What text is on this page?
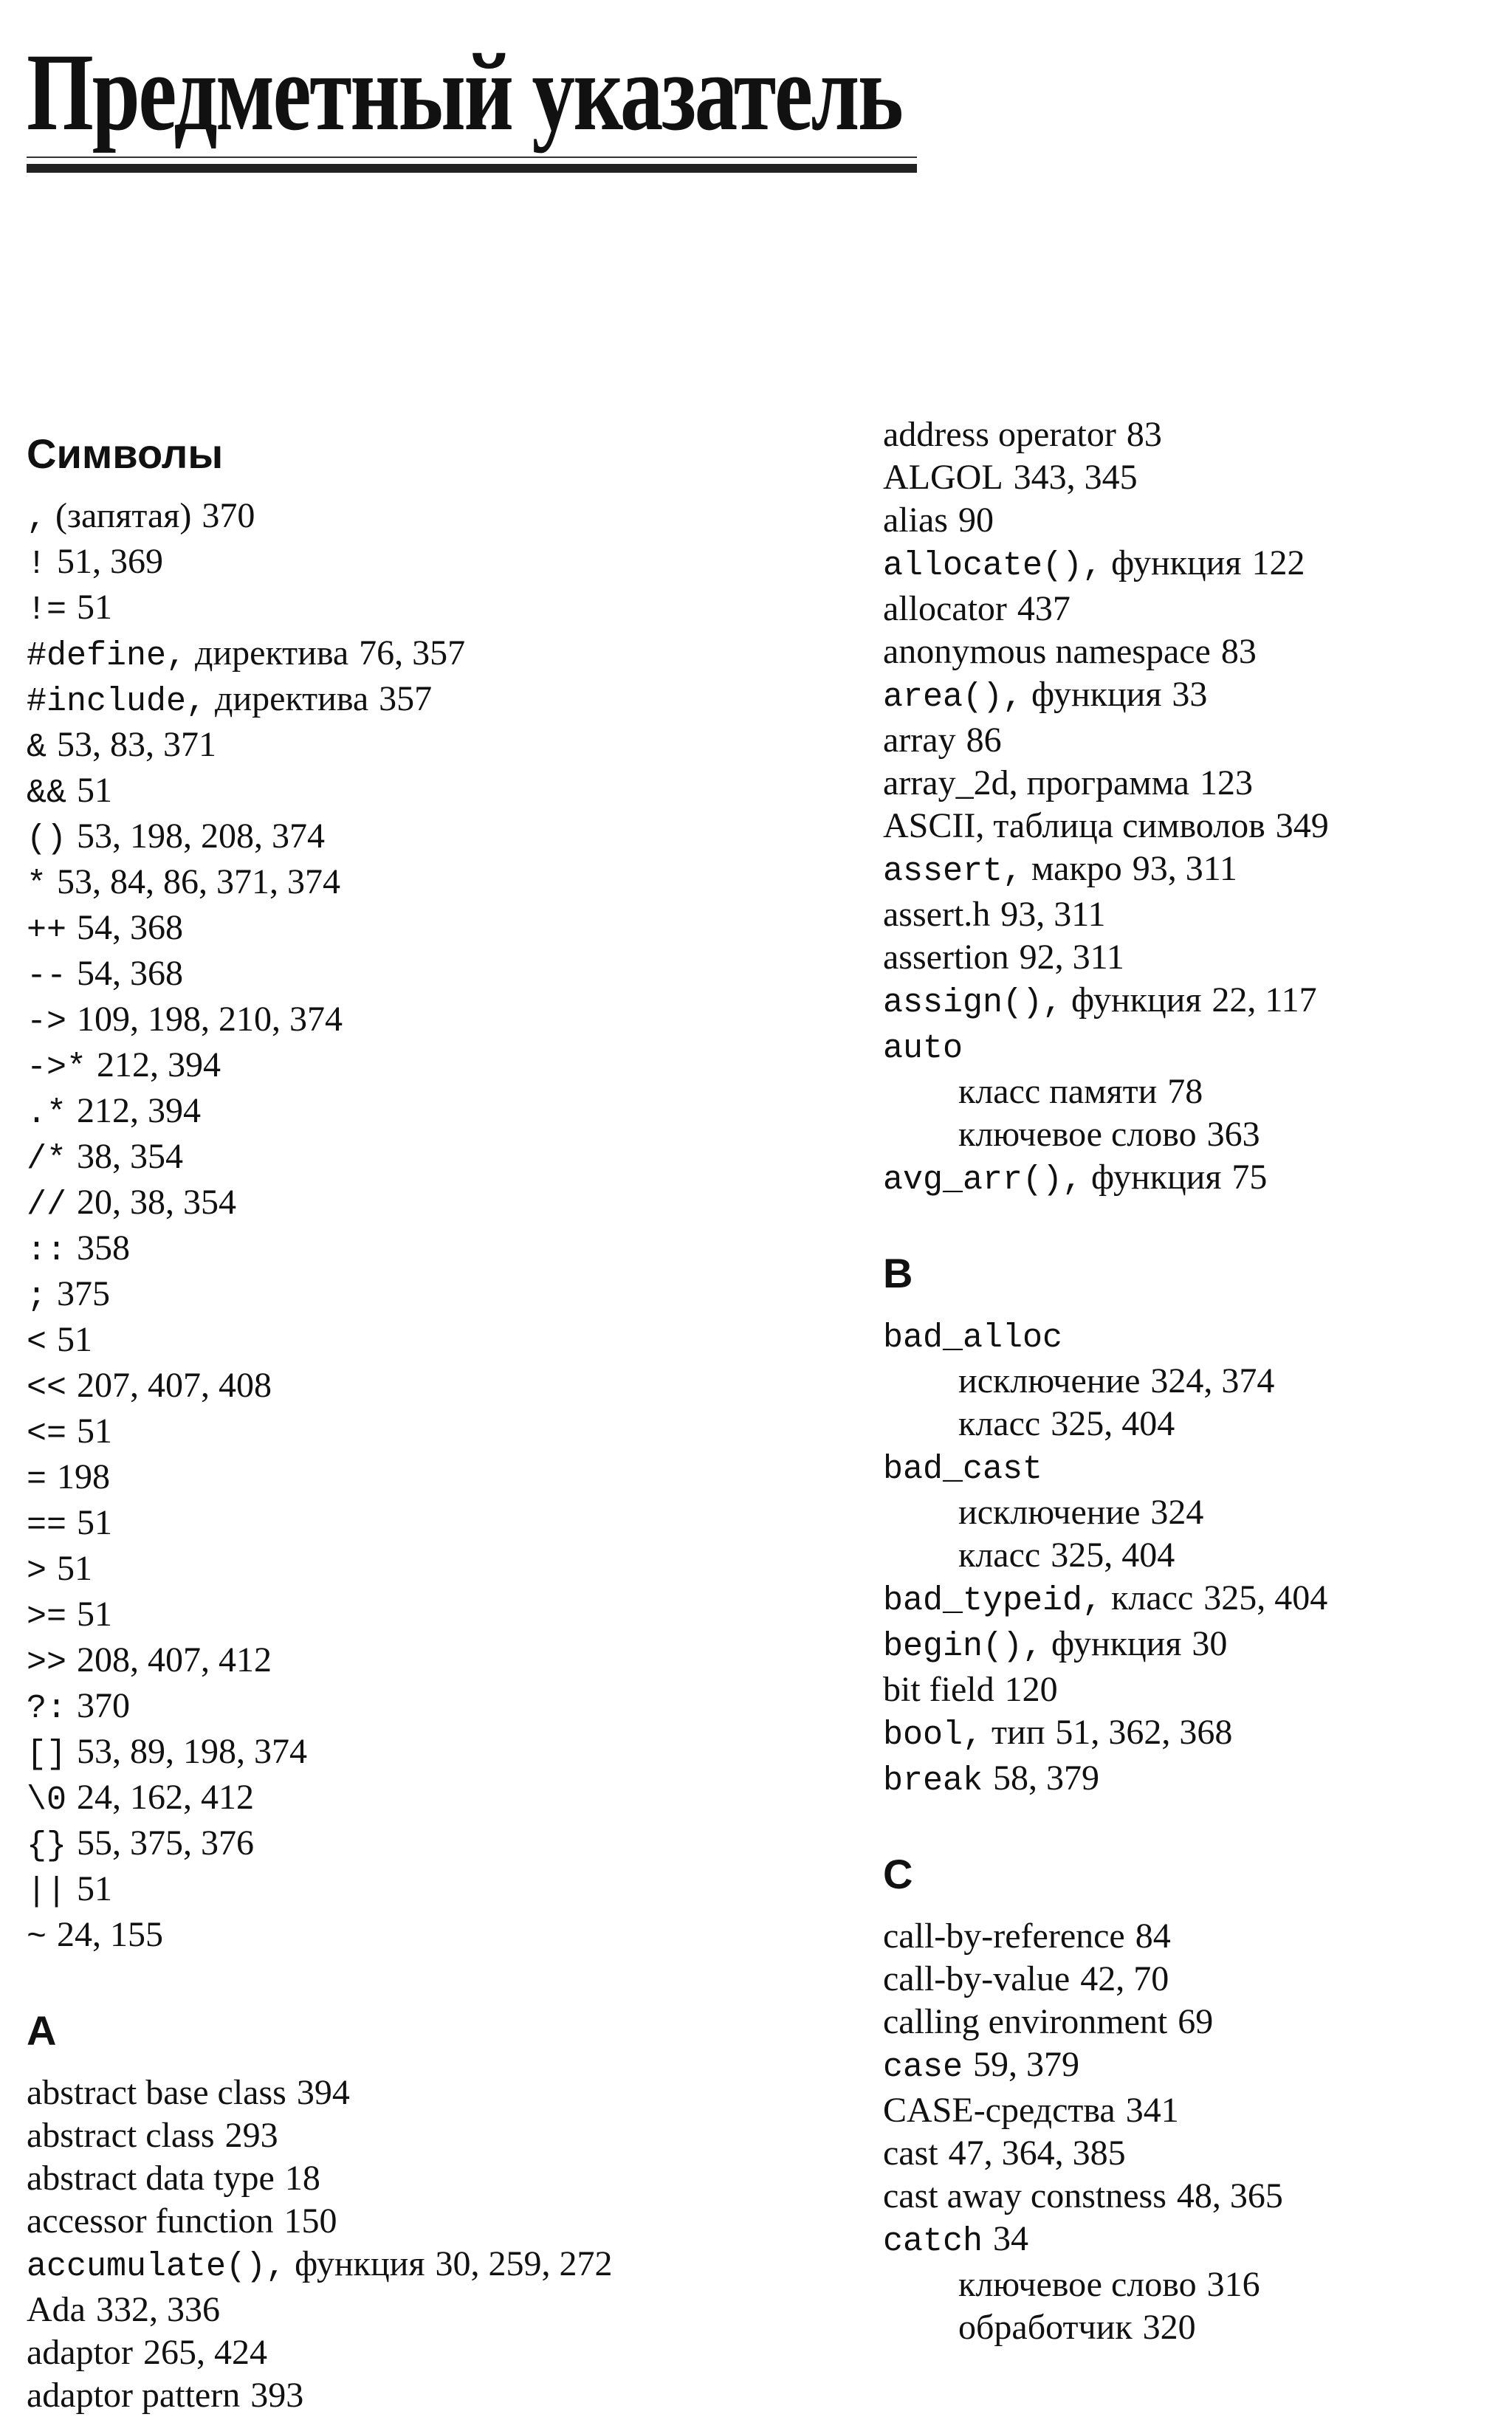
Предметный указатель
Символы
, (запятая) 370
! 51, 369
!= 51
#define, директива 76, 357
#include, директива 357
& 53, 83, 371
&& 51
() 53, 198, 208, 374
* 53, 84, 86, 371, 374
++ 54, 368
-- 54, 368
-> 109, 198, 210, 374
->* 212, 394
.* 212, 394
/* 38, 354
// 20, 38, 354
:: 358
; 375
< 51
<< 207, 407, 408
<= 51
= 198
== 51
> 51
>= 51
>> 208, 407, 412
?: 370
[] 53, 89, 198, 374
\0 24, 162, 412
{} 55, 375, 376
|| 51
~ 24, 155
A
abstract base class 394
abstract class 293
abstract data type 18
accessor function 150
accumulate(), функция 30, 259, 272
Ada 332, 336
adaptor 265, 424
adaptor pattern 393
address operator 83
ALGOL 343, 345
alias 90
allocate(), функция 122
allocator 437
anonymous namespace 83
area(), функция 33
array 86
array_2d, программа 123
ASCII, таблица символов 349
assert, макро 93, 311
assert.h 93, 311
assertion 92, 311
assign(), функция 22, 117
auto
класс памяти 78
ключевое слово 363
avg_arr(), функция 75
B
bad_alloc
исключение 324, 374
класс 325, 404
bad_cast
исключение 324
класс 325, 404
bad_typeid, класс 325, 404
begin(), функция 30
bit field 120
bool, тип 51, 362, 368
break 58, 379
C
call-by-reference 84
call-by-value 42, 70
calling environment 69
case 59, 379
CASE-средства 341
cast 47, 364, 385
cast away constness 48, 365
catch 34
ключевое слово 316
обработчик 320
